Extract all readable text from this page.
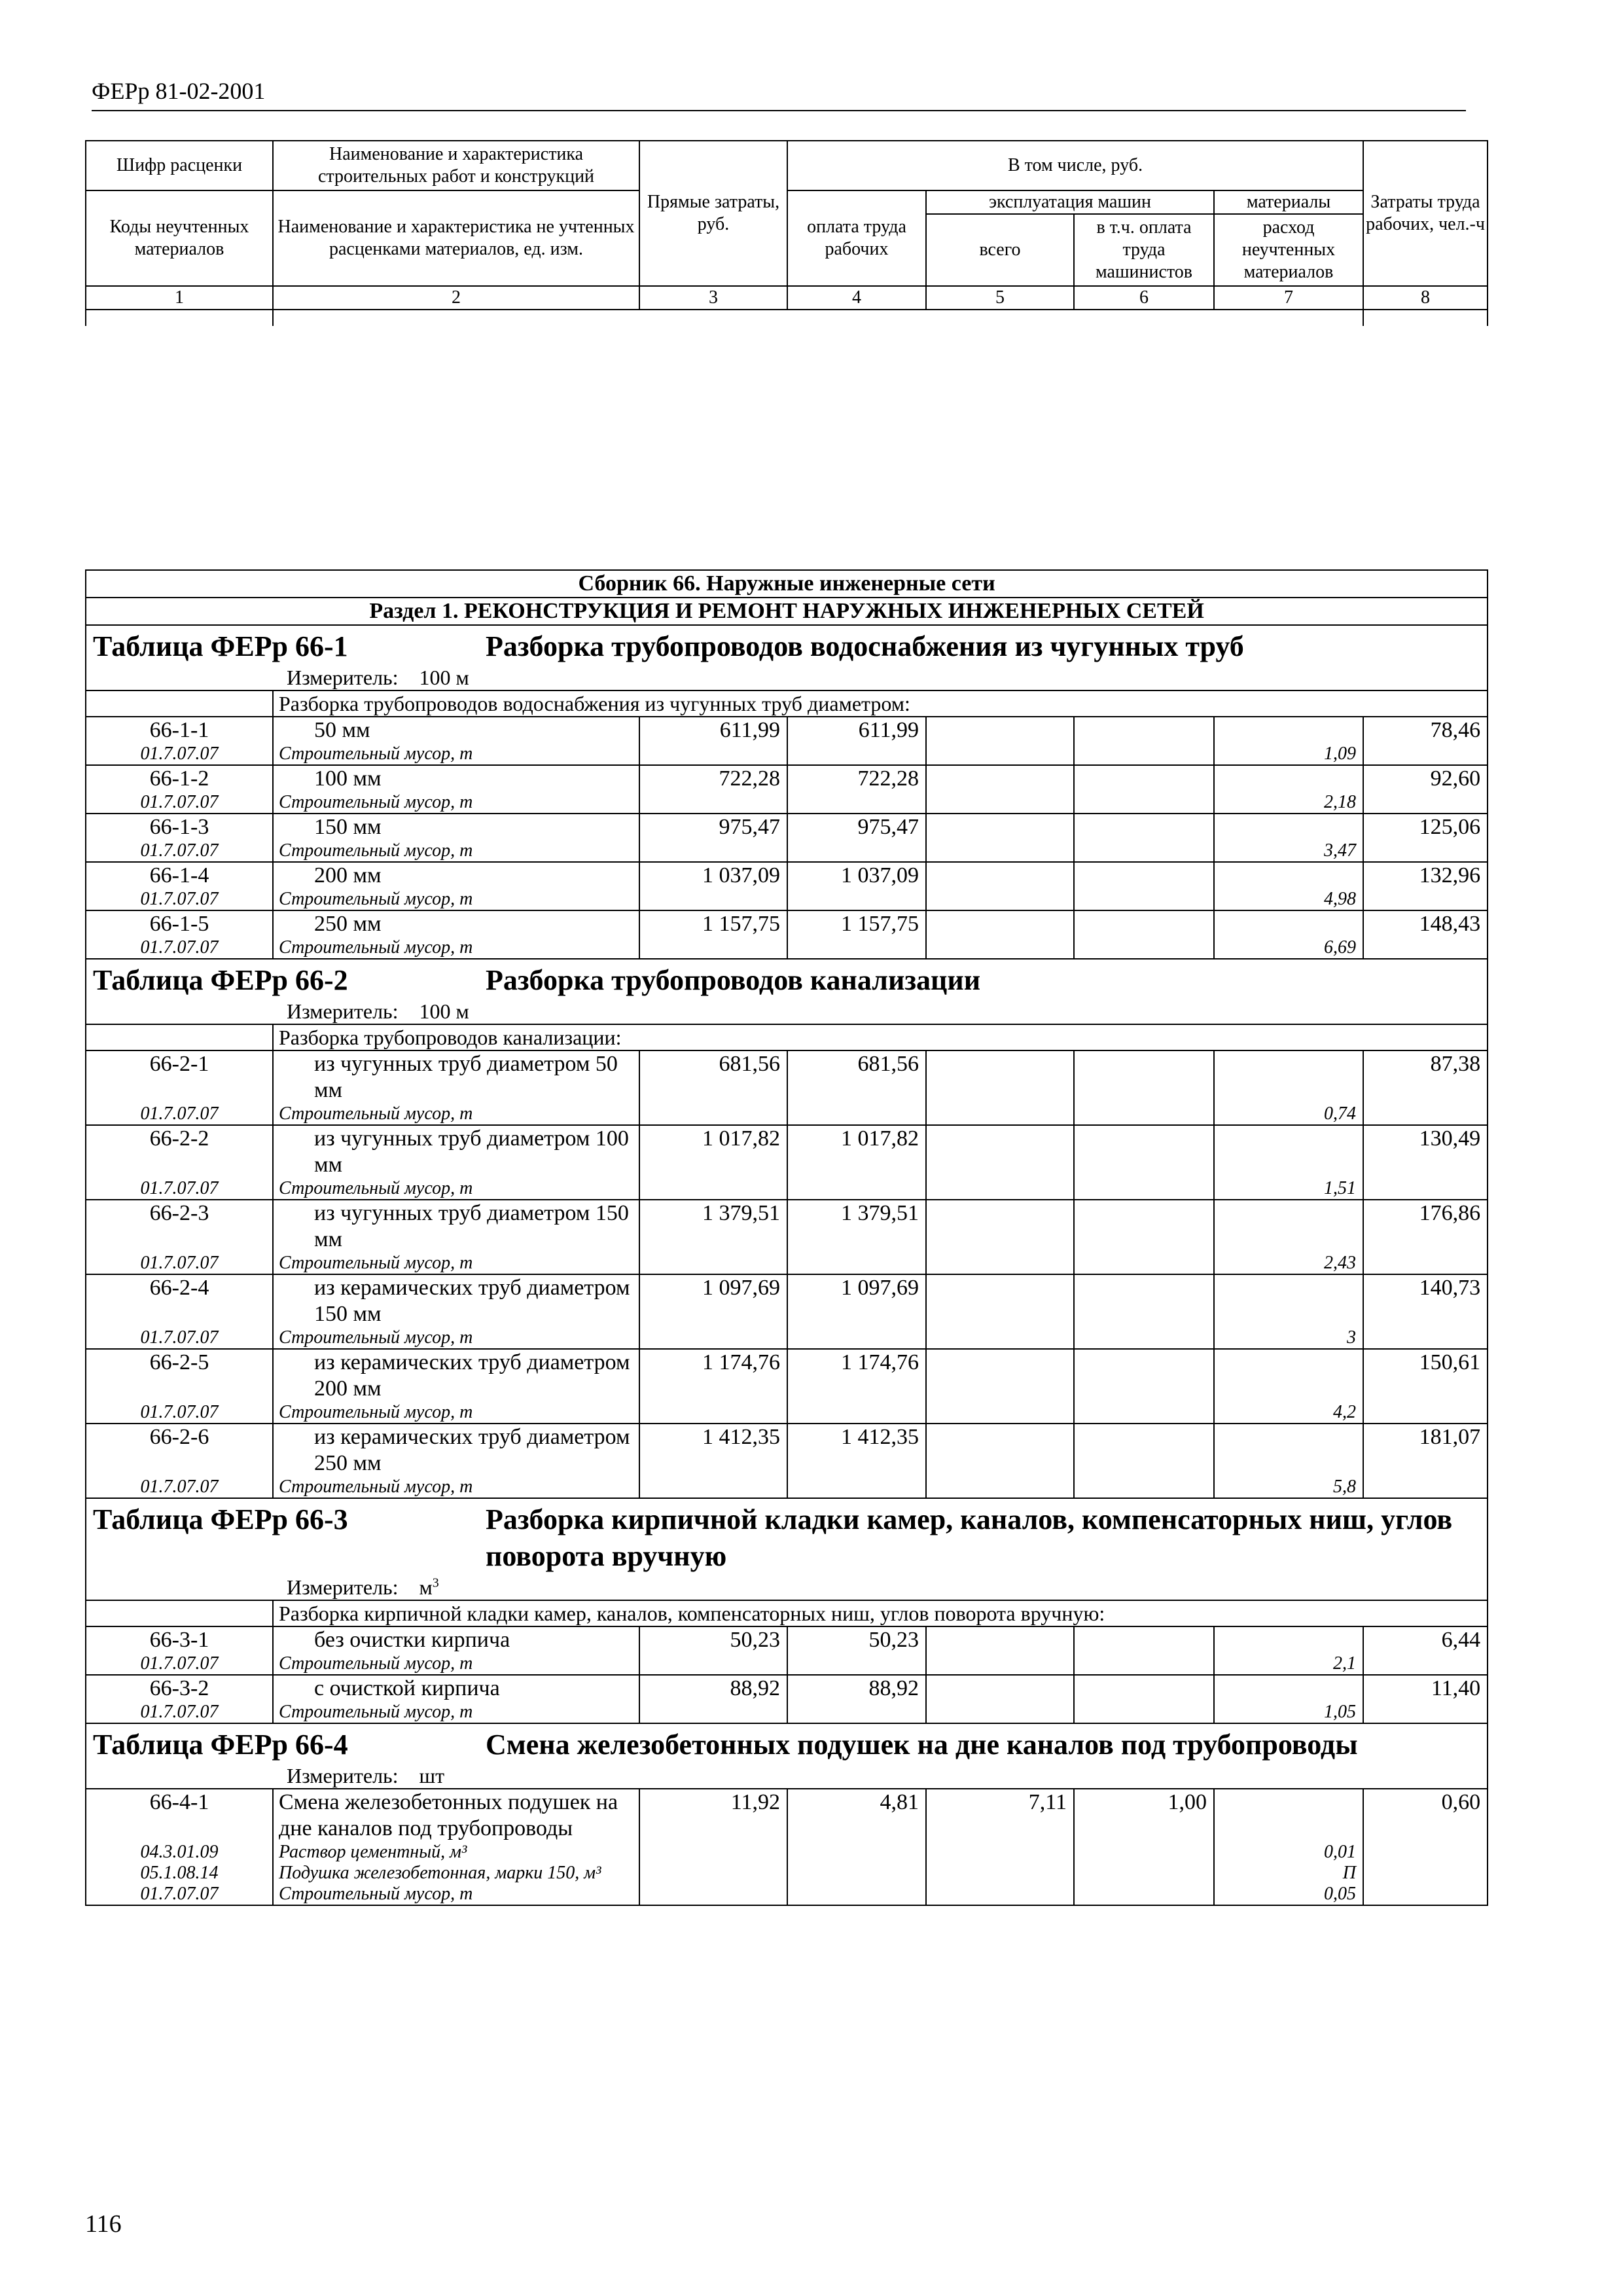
ФЕРр 81-02-2001
Шифр расценки	Наименование и характеристика строительных работ и конструкций	Прямые затраты, руб.	В том числе, руб.				Затраты труда рабочих, чел.-ч
Коды неучтенных материалов	Наименование и характеристика не учтенных расценками материалов, ед. изм.		оплата труда рабочих	эксплуатация машин		материалы	
				всего	в т.ч. оплата труда машинистов	расход неучтенных материалов	
1	2	3	4	5	6	7	8

Сборник 66. Наружные инженерные сети							
Раздел 1. РЕКОНСТРУКЦИЯ И РЕМОНТ НАРУЖНЫХ ИНЖЕНЕРНЫХ СЕТЕЙ							

Таблица ФЕРр 66-1 Разборка трубопроводов водоснабжения из чугунных труб
Измеритель: 100 м							

	Разборка трубопроводов водоснабжения из чугунных труб диаметром:						
66-1-1	50 мм	611,99	611,99				78,46
01.7.07.07	Строительный мусор, т					1,09	
66-1-2	100 мм	722,28	722,28				92,60
01.7.07.07	Строительный мусор, т					2,18	
66-1-3	150 мм	975,47	975,47				125,06
01.7.07.07	Строительный мусор, т					3,47	
66-1-4	200 мм	1 037,09	1 037,09				132,96
01.7.07.07	Строительный мусор, т					4,98	
66-1-5	250 мм	1 157,75	1 157,75				148,43
01.7.07.07	Строительный мусор, т					6,69	

Таблица ФЕРр 66-2 Разборка трубопроводов канализации
Измеритель: 100 м							

	Разборка трубопроводов канализации:						
66-2-1	из чугунных труб диаметром 50 мм	681,56	681,56				87,38
01.7.07.07	Строительный мусор, т					0,74	
66-2-2	из чугунных труб диаметром 100 мм	1 017,82	1 017,82				130,49
01.7.07.07	Строительный мусор, т					1,51	
66-2-3	из чугунных труб диаметром 150 мм	1 379,51	1 379,51				176,86
01.7.07.07	Строительный мусор, т					2,43	
66-2-4	из керамических труб диаметром 150 мм	1 097,69	1 097,69				140,73
01.7.07.07	Строительный мусор, т					3	
66-2-5	из керамических труб диаметром 200 мм	1 174,76	1 174,76				150,61
01.7.07.07	Строительный мусор, т					4,2	
66-2-6	из керамических труб диаметром 250 мм	1 412,35	1 412,35				181,07
01.7.07.07	Строительный мусор, т					5,8	

Таблица ФЕРр 66-3 Разборка кирпичной кладки камер, каналов, компенсаторных ниш, углов поворота вручную
Измеритель: $м^3$

	Разборка кирпичной кладки камер, каналов, компенсаторных ниш, углов поворота вручную:						
66-3-1	без очистки кирпича	50,23	50,23				6,44
01.7.07.07	Строительный мусор, т					2,1	
66-3-2	с очисткой кирпича	88,92	88,92				11,40
01.7.07.07	Строительный мусор, т					1,05	

Таблица ФЕРр 66-4 Смена железобетонных подушек на дне каналов под трубопроводы
Измеритель: шт							

66-4-1	Смена железобетонных подушек на дне каналов под трубопроводы	11,92	4,81	7,11	1,00		0,60
04.3.01.09	Раствор цементный, м³					0,01	
05.1.08.14	Подушка железобетонная, марки 150, м³					П	
01.7.07.07	Строительный мусор, т					0,05	
116
